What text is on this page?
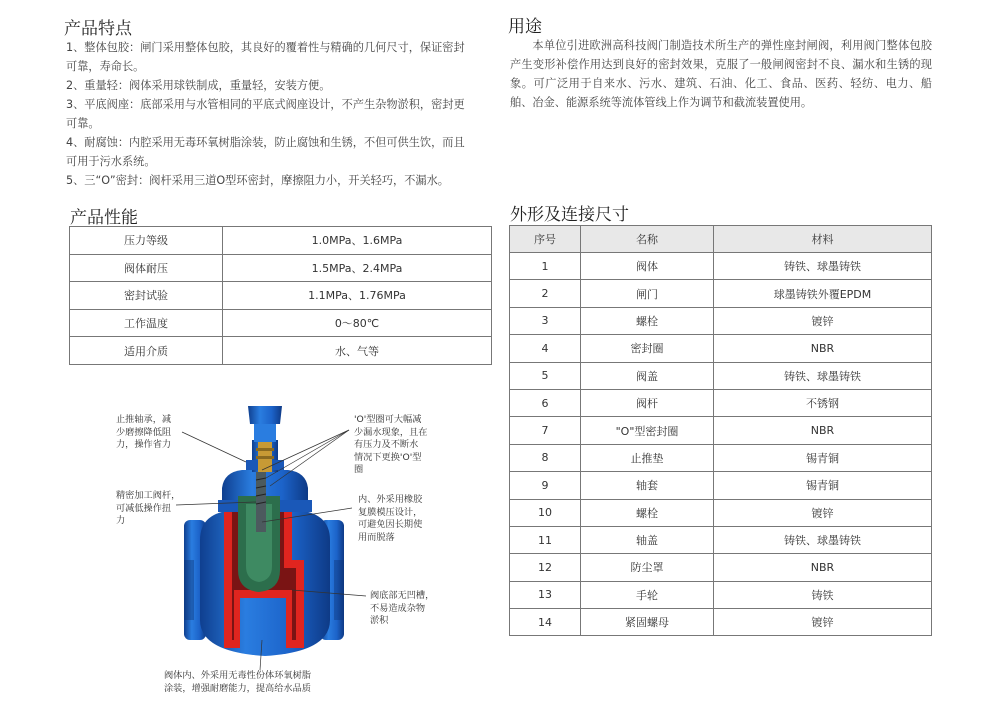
产品特点
1、整体包胶：闸门采用整体包胶，其良好的覆着性与精确的几何尺寸，保证密封
可靠，寿命长。
2、重量轻：阀体采用球铁制成，重量轻，安装方便。
3、平底阀座：底部采用与水管相同的平底式阀座设计，不产生杂物淤积，密封更
可靠。
4、耐腐蚀：内腔采用无毒环氧树脂涂装，防止腐蚀和生锈，不但可供生饮，而且
可用于污水系统。
5、三“O”密封：阀杆采用三道O型环密封，摩擦阻力小，开关轻巧，不漏水。
用途
本单位引进欧洲高科技阀门制造技术所生产的弹性座封闸阀，利用阀门整体包胶产生变形补偿作用达到良好的密封效果，克服了一般闸阀密封不良、漏水和生锈的现象。可广泛用于自来水、污水、建筑、石油、化工、食品、医药、轻纺、电力、船舶、冶金、能源系统等流体管线上作为调节和截流装置使用。
产品性能
压力等级	1.0MPa、1.6MPa
阀体耐压	1.5MPa、2.4MPa
密封试验	1.1MPa、1.76MPa
工作温度	0～80℃
适用介质	水、气等
外形及连接尺寸
序号	名称	材料
1	阀体	铸铁、球墨铸铁
2	闸门	球墨铸铁外覆EPDM
3	螺栓	镀锌
4	密封圈	NBR
5	阀盖	铸铁、球墨铸铁
6	阀杆	不锈钢
7	"O"型密封圈	NBR
8	止推垫	锡青铜
9	轴套	锡青铜
10	螺栓	镀锌
11	轴盖	铸铁、球墨铸铁
12	防尘罩	NBR
13	手轮	铸铁
14	紧固螺母	镀锌
止推轴承，减
少磨擦降低阻
力，操作省力
精密加工阀杆，
可减低操作扭
力
'O'型圈可大幅减
少漏水现象，且在
有压力及不断水
情况下更换'O'型
圈
内、外采用橡胶
复膜模压设计，
可避免因长期使
用而脱落
阀底部无凹槽，
不易造成杂物
淤积
阀体内、外采用无毒性份体环氧树脂
涂装，增强耐磨能力，提高给水品质
